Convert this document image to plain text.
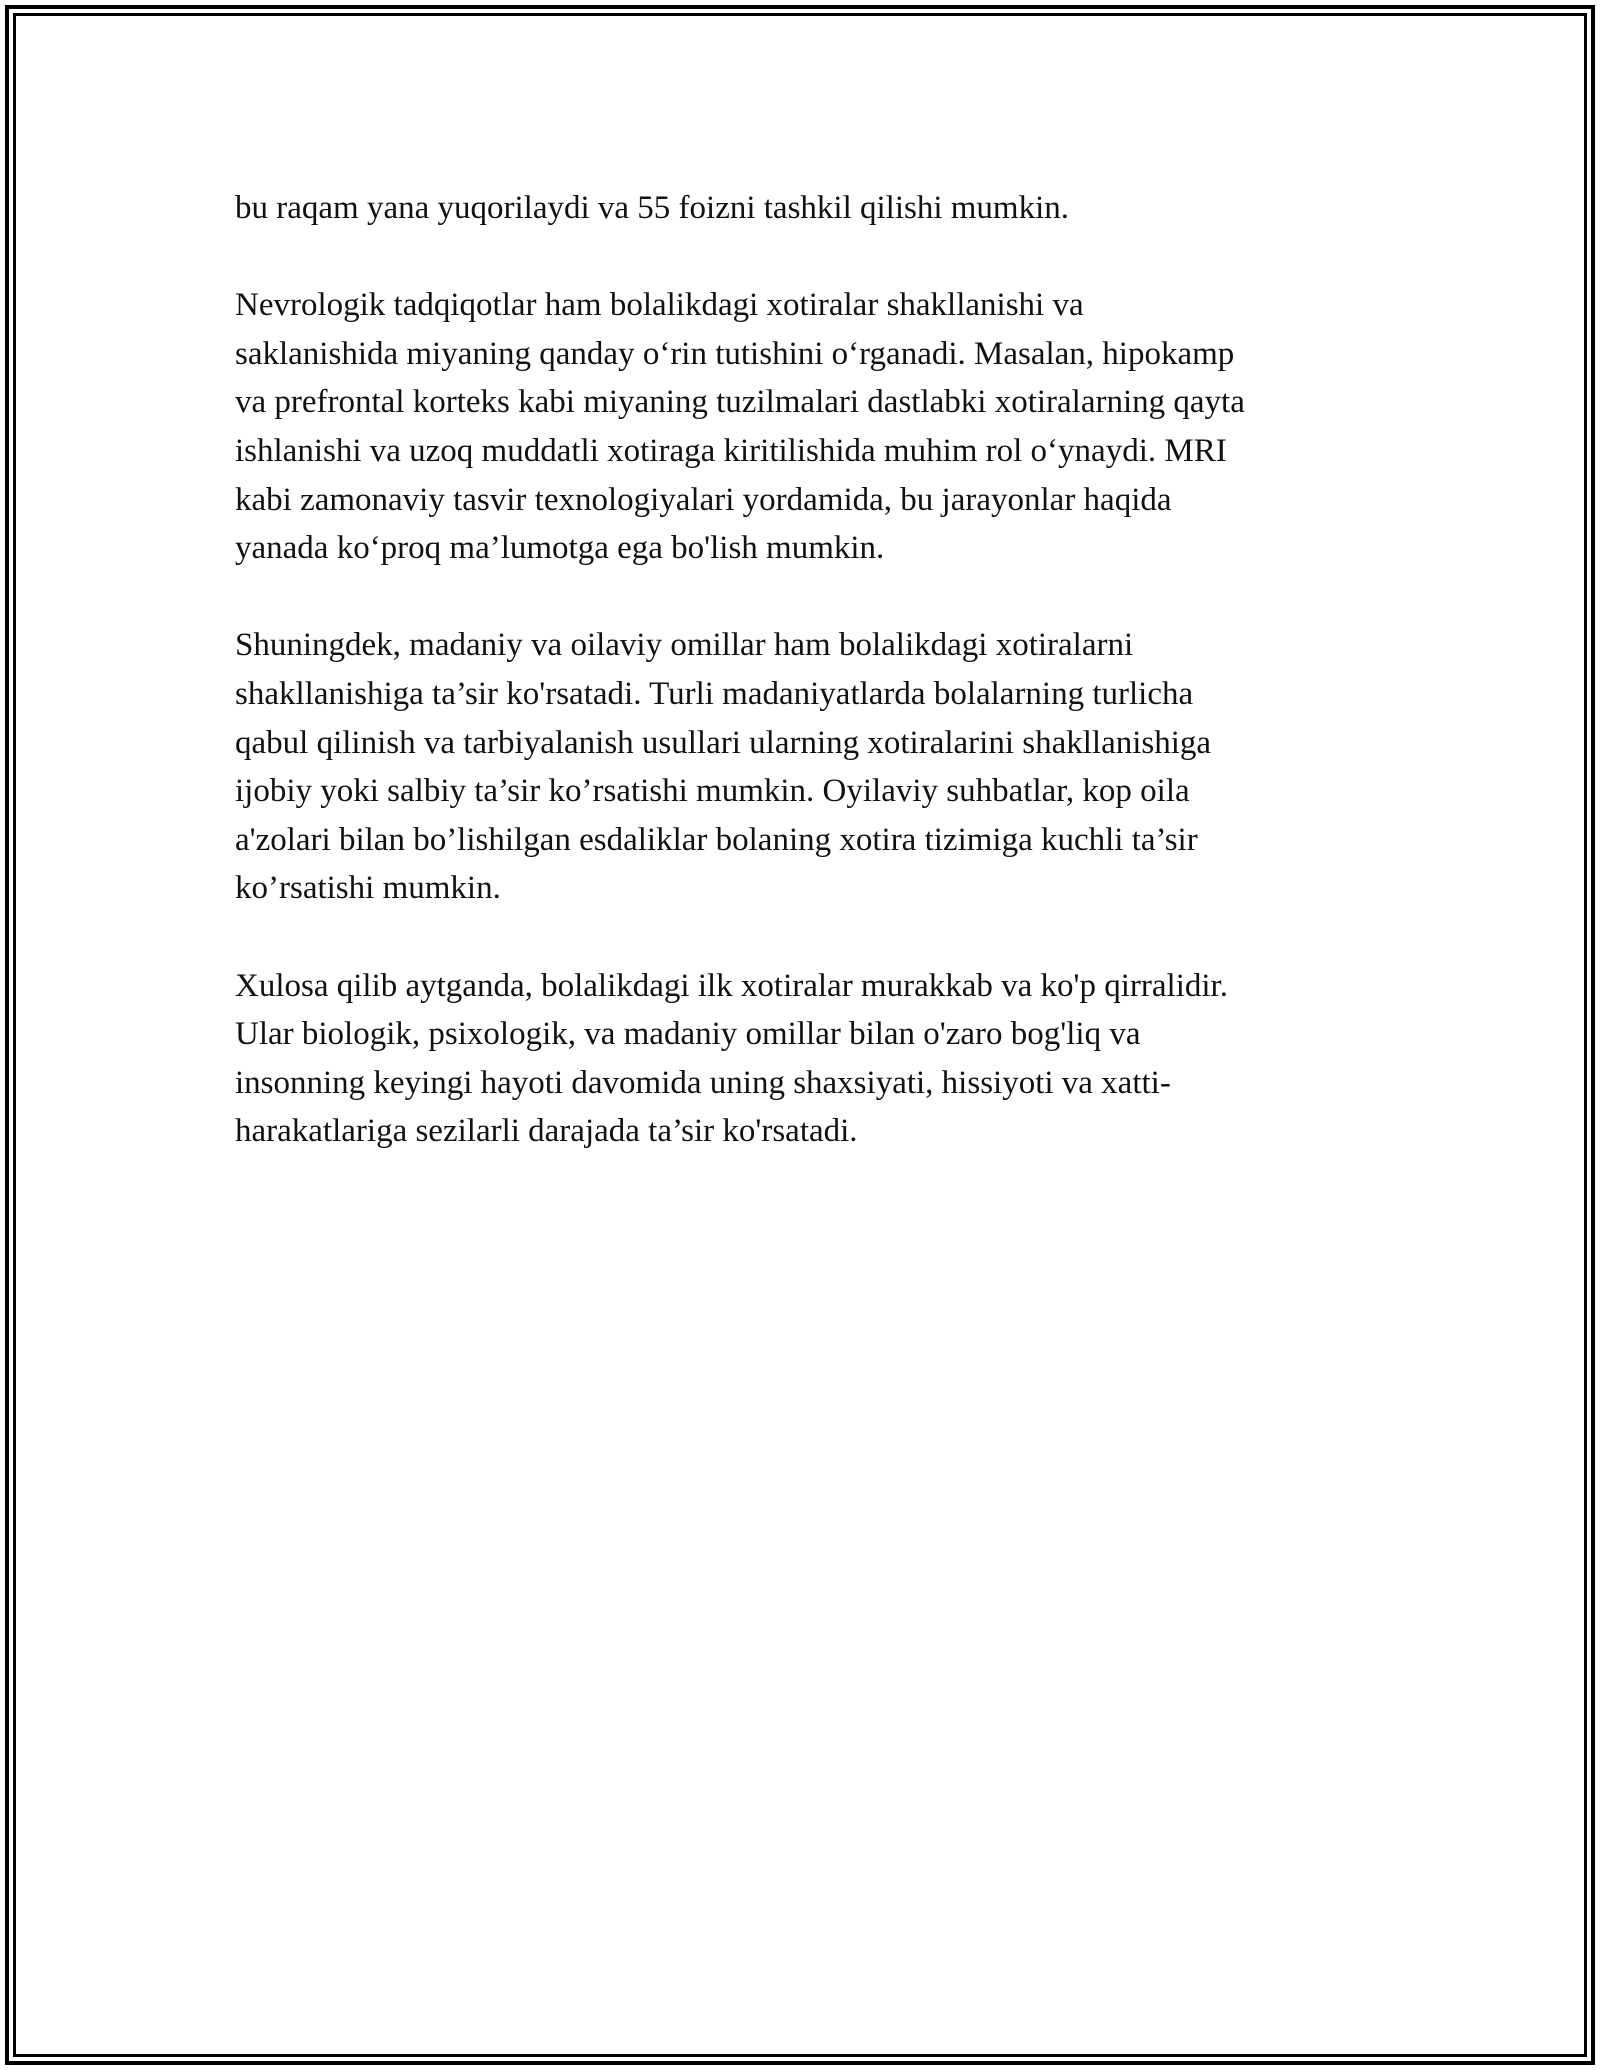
bu raqam yana yuqorilaydi va 55 foizni tashkil qilishi mumkin.

Nevrologik tadqiqotlar ham bolalikdagi xotiralar shakllanishi va
saklanishida miyaning qanday o‘rin tutishini o‘rganadi. Masalan, hipokamp
va prefrontal korteks kabi miyaning tuzilmalari dastlabki xotiralarning qayta
ishlanishi va uzoq muddatli xotiraga kiritilishida muhim rol o‘ynaydi. MRI
kabi zamonaviy tasvir texnologiyalari yordamida, bu jarayonlar haqida
yanada ko‘proq ma’lumotga ega bo'lish mumkin.

Shuningdek, madaniy va oilaviy omillar ham bolalikdagi xotiralarni
shakllanishiga ta’sir ko'rsatadi. Turli madaniyatlarda bolalarning turlicha
qabul qilinish va tarbiyalanish usullari ularning xotiralarini shakllanishiga
ijobiy yoki salbiy ta’sir ko’rsatishi mumkin. Oyilaviy suhbatlar, kop oila
a'zolari bilan bo’lishilgan esdaliklar bolaning xotira tizimiga kuchli ta’sir
ko’rsatishi mumkin.

Xulosa qilib aytganda, bolalikdagi ilk xotiralar murakkab va ko'p qirralidir.
Ular biologik, psixologik, va madaniy omillar bilan o'zaro bog'liq va
insonning keyingi hayoti davomida uning shaxsiyati, hissiyoti va xatti-
harakatlariga sezilarli darajada ta’sir ko'rsatadi.
